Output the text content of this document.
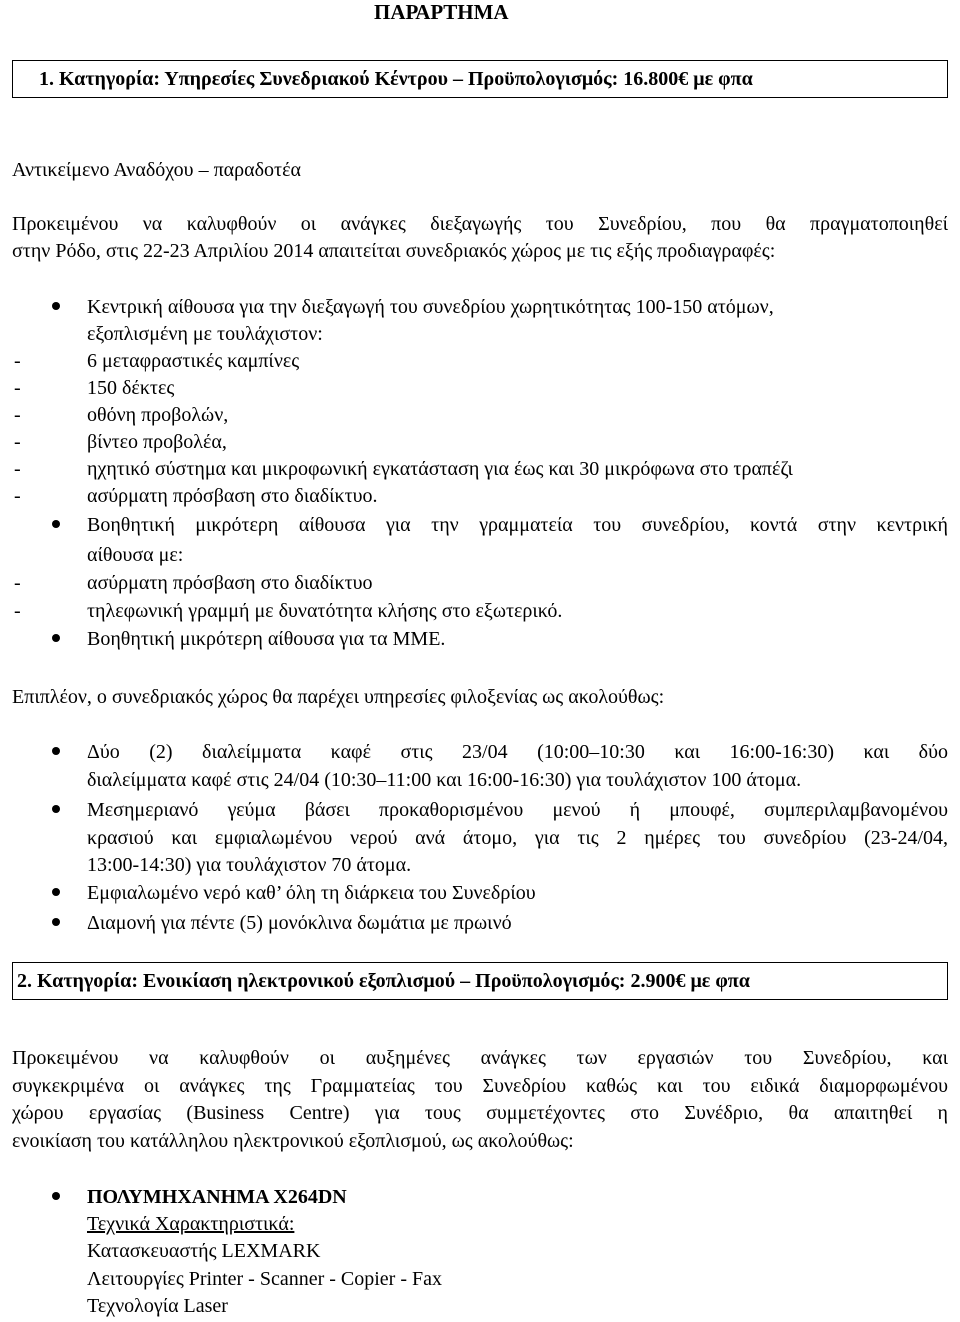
ΠΑΡΑΡΤΗΜΑ
1. Κατηγορία: Υπηρεσίες Συνεδριακού Κέντρου – Προϋπολογισμός: 16.800€ με φπα
Αντικείμενο Αναδόχου – παραδοτέα
Προκειμένου να καλυφθούν οι ανάγκες διεξαγωγής του Συνεδρίου, που θα πραγματοποιηθεί
στην Ρόδο, στις 22-23 Απριλίου 2014 απαιτείται συνεδριακός χώρος με τις εξής προδιαγραφές:
Κεντρική αίθουσα για την διεξαγωγή του συνεδρίου χωρητικότητας 100-150 ατόμων,
εξοπλισμένη με τουλάχιστον:
-	6 μεταφραστικές καμπίνες
-	150 δέκτες
-	οθόνη προβολών,
-	βίντεο προβολέα,
-	ηχητικό σύστημα και μικροφωνική εγκατάσταση για έως και 30 μικρόφωνα στο τραπέζι
-	ασύρματη πρόσβαση στο διαδίκτυο.
Βοηθητική μικρότερη αίθουσα για την γραμματεία του συνεδρίου, κοντά στην κεντρική
αίθουσα με:
-	ασύρματη πρόσβαση στο διαδίκτυο
-	τηλεφωνική γραμμή με δυνατότητα κλήσης στο εξωτερικό.
Βοηθητική μικρότερη αίθουσα για τα ΜΜΕ.
Επιπλέον, ο συνεδριακός χώρος θα παρέχει υπηρεσίες φιλοξενίας ως ακολούθως:
Δύο (2) διαλείμματα καφέ στις 23/04 (10:00–10:30 και 16:00-16:30) και δύο
διαλείμματα καφέ στις 24/04 (10:30–11:00 και 16:00-16:30) για τουλάχιστον 100 άτομα.
Μεσημεριανό γεύμα βάσει προκαθορισμένου μενού ή μπουφέ, συμπεριλαμβανομένου
κρασιού και εμφιαλωμένου νερού ανά άτομο, για τις 2 ημέρες του συνεδρίου (23-24/04,
13:00-14:30) για τουλάχιστον 70 άτομα.
Εμφιαλωμένο νερό καθ’ όλη τη διάρκεια του Συνεδρίου
Διαμονή για πέντε (5) μονόκλινα δωμάτια με πρωινό
2. Κατηγορία: Ενοικίαση ηλεκτρονικού εξοπλισμού – Προϋπολογισμός: 2.900€ με φπα
Προκειμένου να καλυφθούν οι αυξημένες ανάγκες των εργασιών του Συνεδρίου, και
συγκεκριμένα οι ανάγκες της Γραμματείας του Συνεδρίου καθώς και του ειδικά διαμορφωμένου
χώρου εργασίας (Business Centre) για τους συμμετέχοντες στο Συνέδριο, θα απαιτηθεί η
ενοικίαση του κατάλληλου ηλεκτρονικού εξοπλισμού, ως ακολούθως:
ΠΟΛΥΜΗΧΑΝΗΜΑ Χ264DN
Τεχνικά Χαρακτηριστικά:
Κατασκευαστής LEXMARK
Λειτουργίες Printer - Scanner - Copier - Fax
Τεχνολογία Laser
